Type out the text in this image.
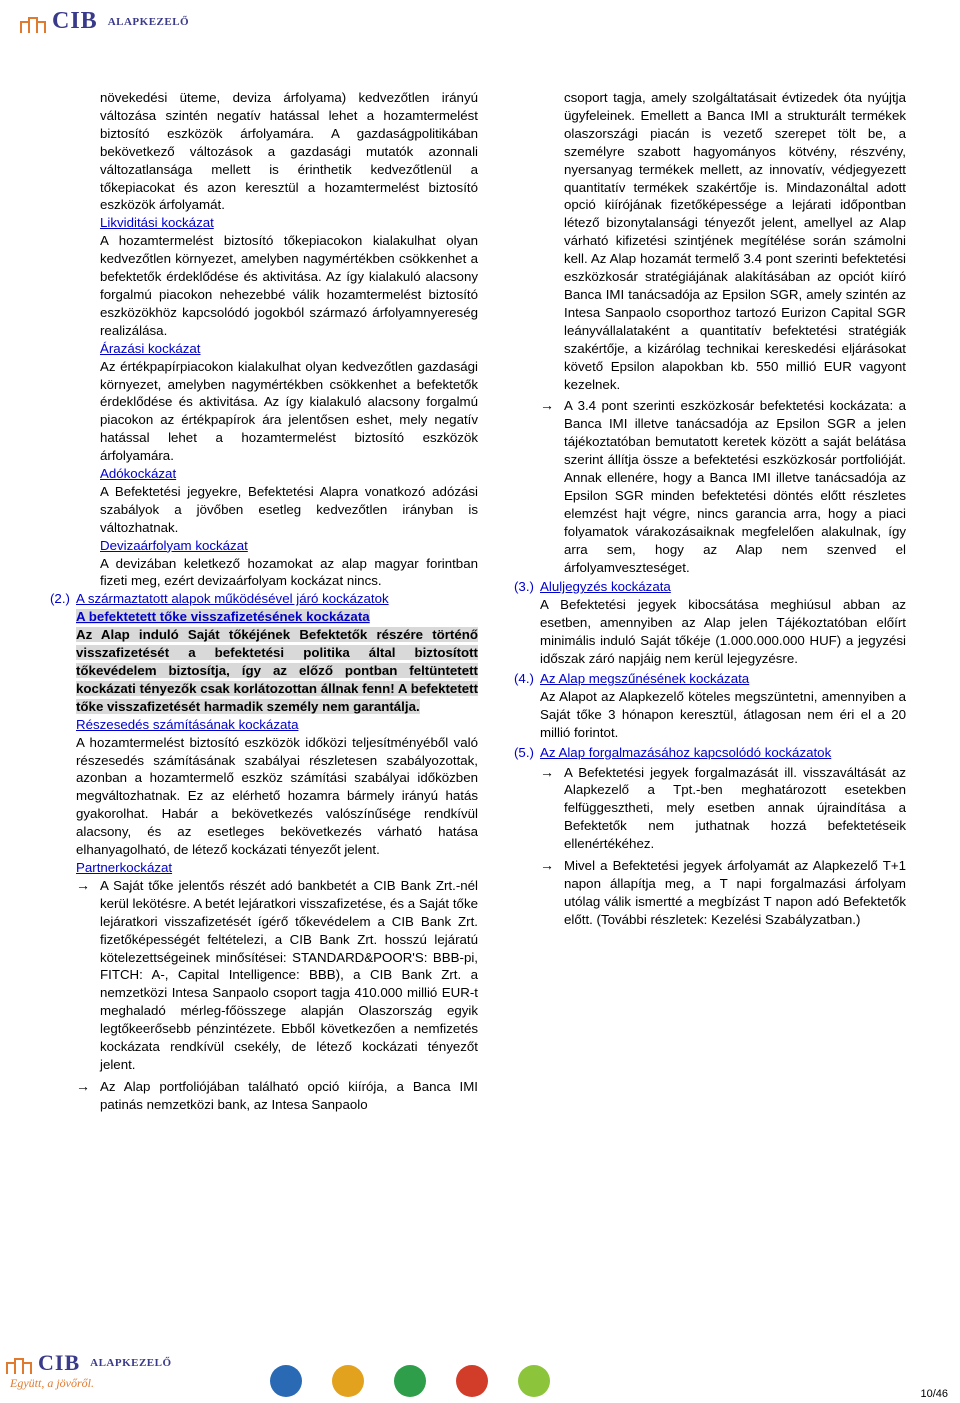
CIB ALAPKEZELŐ

növekedési üteme, deviza árfolyama) kedvezőtlen irányú változása szintén negatív hatással lehet a hozamtermelést biztosító eszközök árfolyamára. A gazdaságpolitikában bekövetkező változások a gazdasági mutatók azonnali változatlansága mellett is érinthetik kedvezőtlenül a tőkepiacokat és azon keresztül a hozamtermelést biztosító eszközök árfolyamát.

Likviditási kockázat

A hozamtermelést biztosító tőkepiacokon kialakulhat olyan kedvezőtlen környezet, amelyben nagymértékben csökkenhet a befektetők érdeklődése és aktivitása. Az így kialakuló alacsony forgalmú piacokon nehezebbé válik hozamtermelést biztosító eszközökhöz kapcsolódó jogokból származó árfolyamnyereség realizálása.

Árazási kockázat

Az értékpapírpiacokon kialakulhat olyan kedvezőtlen gazdasági környezet, amelyben nagymértékben csökkenhet a befektetők érdeklődése és aktivitása. Az így kialakuló alacsony forgalmú piacokon az értékpapírok ára jelentősen eshet, mely negatív hatással lehet a hozamtermelést biztosító eszközök árfolyamára.

Adókockázat

A Befektetési jegyekre, Befektetési Alapra vonatkozó adózási szabályok a jövőben esetleg kedvezőtlen irányban is változhatnak.

Devizaárfolyam kockázat

A devizában keletkező hozamokat az alap magyar forintban fizeti meg, ezért devizaárfolyam kockázat nincs.

(2.) A származtatott alapok működésével járó kockázatok

A befektetett tőke visszafizetésének kockázata

Az Alap induló Saját tőkéjének Befektetők részére történő visszafizetését a befektetési politika által biztosított tőkevédelem biztosítja, így az előző pontban feltüntetett kockázati tényezők csak korlátozottan állnak fenn! A befektetett tőke visszafizetését harmadik személy nem garantálja.

Részesedés számításának kockázata

A hozamtermelést biztosító eszközök időközi teljesítményéből való részesedés számításának szabályai részletesen szabályozottak, azonban a hozamtermelő eszköz számítási szabályai időközben megváltozhatnak. Ez az elérhető hozamra bármely irányú hatás gyakorolhat. Habár a bekövetkezés valószínűsége rendkívül alacsony, és az esetleges bekövetkezés várható hatása elhanyagolható, de létező kockázati tényezőt jelent.

Partnerkockázat

→ A Saját tőke jelentős részét adó bankbetét a CIB Bank Zrt.-nél kerül lekötésre. A betét lejáratkori visszafizetése, és a Saját tőke lejáratkori visszafizetését ígérő tőkevédelem a CIB Bank Zrt. fizetőképességét feltételezi, a CIB Bank Zrt. hosszú lejáratú kötelezettségeinek minősítései: STANDARD&POOR'S: BBB-pi, FITCH: A-, Capital Intelligence: BBB), a CIB Bank Zrt. a nemzetközi Intesa Sanpaolo csoport tagja 410.000 millió EUR-t meghaladó mérleg-főösszege alapján Olaszország egyik legtőkeerősebb pénzintézete. Ebből következően a nemfizetés kockázata rendkívül csekély, de létező kockázati tényezőt jelent.
→ Az Alap portfoliójában található opció kiírója, a Banca IMI patinás nemzetközi bank, az Intesa Sanpaolo

csoport tagja, amely szolgáltatásait évtizedek óta nyújtja ügyfeleinek. Emellett a Banca IMI a strukturált termékek olaszországi piacán is vezető szerepet tölt be, a személyre szabott hagyományos kötvény, részvény, nyersanyag termékek mellett, az innovatív, védjegyezett quantitatív termékek szakértője is. Mindazonáltal adott opció kiírójának fizetőképessége a lejárati időpontban létező bizonytalansági tényezőt jelent, amellyel az Alap várható kifizetési szintjének megítélése során számolni kell. Az Alap hozamát termelő 3.4 pont szerinti befektetési eszközkosár stratégiájának alakításában az opciót kiíró Banca IMI tanácsadója az Epsilon SGR, amely szintén az Intesa Sanpaolo csoporthoz tartozó Eurizon Capital SGR leányvállalataként a quantitatív befektetési stratégiák szakértője, a kizárólag technikai kereskedési eljárásokat követő Epsilon alapokban kb. 550 millió EUR vagyont kezelnek.

→ A 3.4 pont szerinti eszközkosár befektetési kockázata: a Banca IMI illetve tanácsadója az Epsilon SGR a jelen tájékoztatóban bemutatott keretek között a saját belátása szerint állítja össze a befektetési eszközkosár portfolióját. Annak ellenére, hogy a Banca IMI illetve tanácsadója az Epsilon SGR minden befektetési döntés előtt részletes elemzést hajt végre, nincs garancia arra, hogy a piaci folyamatok várakozásaiknak megfelelően alakulnak, így arra sem, hogy az Alap nem szenved el árfolyamveszteséget.
(3.) Aluljegyzés kockázata

A Befektetési jegyek kibocsátása meghiúsul abban az esetben, amennyiben az Alap jelen Tájékoztatóban előírt minimális induló Saját tőkéje (1.000.000.000 HUF) a jegyzési időszak záró napjáig nem kerül lejegyzésre.

(4.) Az Alap megszűnésének kockázata

Az Alapot az Alapkezelő köteles megszüntetni, amennyiben a Saját tőke 3 hónapon keresztül, átlagosan nem éri el a 20 millió forintot.

(5.) Az Alap forgalmazásához kapcsolódó kockázatok
→ A Befektetési jegyek forgalmazását ill. visszaváltását az Alapkezelő a Tpt.-ben meghatározott esetekben felfüggesztheti, mely esetben annak újraindítása a Befektetők nem juthatnak hozzá befektetéseik ellenértékéhez.
→ Mivel a Befektetési jegyek árfolyamát az Alapkezelő T+1 napon állapítja meg, a T napi forgalmazási árfolyam utólag válik ismertté a megbízást T napon adó Befektetők előtt. (További részletek: Kezelési Szabályzatban.)
CIB ALAPKEZELŐ
Együtt, a jövőről.
10/46
